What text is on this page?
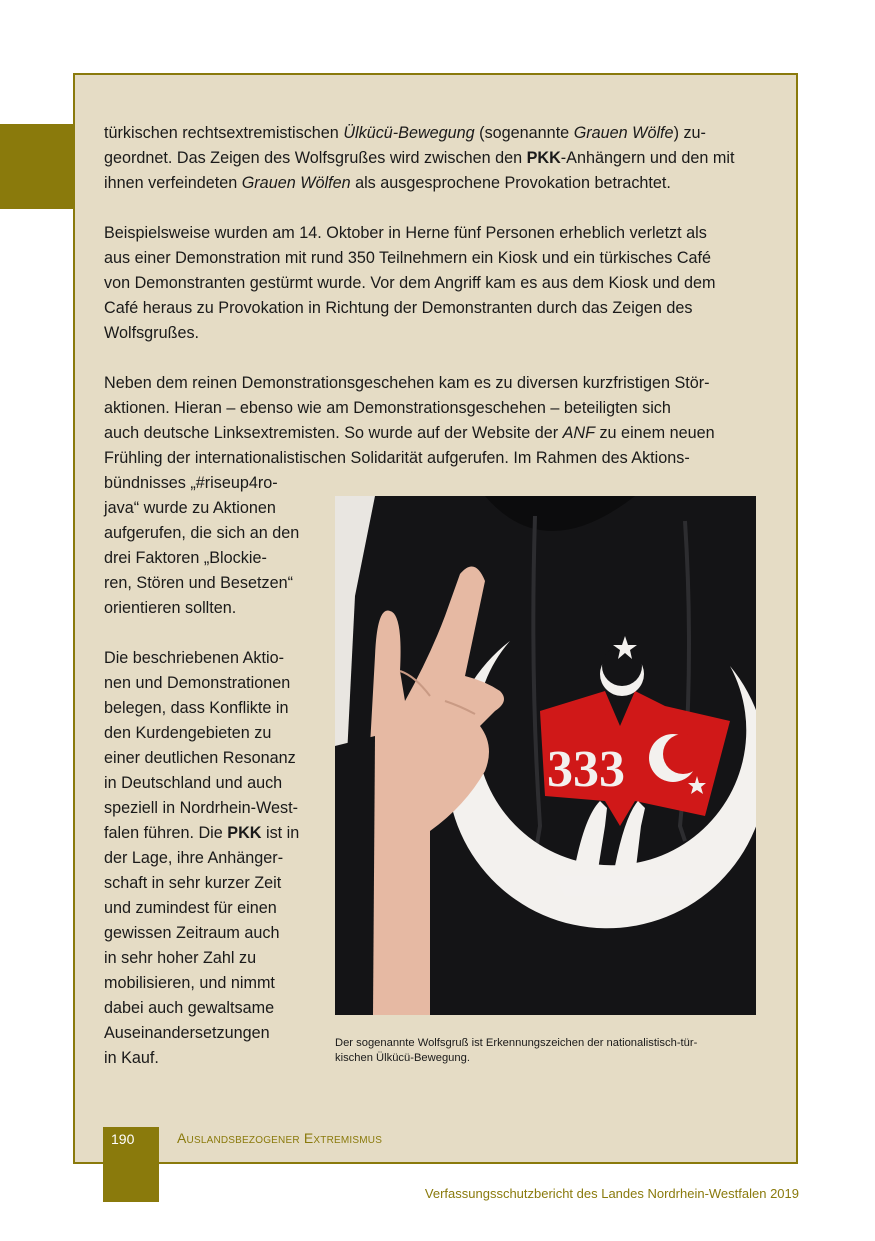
türkischen rechtsextremistischen Ülkücü-Bewegung (sogenannte Grauen Wölfe) zu-
geordnet. Das Zeigen des Wolfsgrußes wird zwischen den PKK-Anhängern und den mit
ihnen verfeindeten Grauen Wölfen als ausgesprochene Provokation betrachtet.
Beispielsweise wurden am 14. Oktober in Herne fünf Personen erheblich verletzt als
aus einer Demonstration mit rund 350 Teilnehmern ein Kiosk und ein türkisches Café
von Demonstranten gestürmt wurde. Vor dem Angriff kam es aus dem Kiosk und dem
Café heraus zu Provokation in Richtung der Demonstranten durch das Zeigen des
Wolfsgrußes.
Neben dem reinen Demonstrationsgeschehen kam es zu diversen kurzfristigen Stör-
aktionen. Hieran – ebenso wie am Demonstrationsgeschehen – beteiligten sich
auch deutsche Linksextremisten. So wurde auf der Website der ANF zu einem neuen
Frühling der internationalistischen Solidarität aufgerufen. Im Rahmen des Aktions-
bündnisses „#riseup4ro-
java“ wurde zu Aktionen
aufgerufen, die sich an den
drei Faktoren „Blockie-
ren, Stören und Besetzen“
orientieren sollten.
Die beschriebenen Aktio-
nen und Demonstrationen
belegen, dass Konflikte in
den Kurdengebieten zu
einer deutlichen Resonanz
in Deutschland und auch
speziell in Nordrhein-West-
falen führen. Die PKK ist in
der Lage, ihre Anhänger-
schaft in sehr kurzer Zeit
und zumindest für einen
gewissen Zeitraum auch
in sehr hoher Zahl zu
mobilisieren, und nimmt
dabei auch gewaltsame
Auseinandersetzungen
in Kauf.
333
Der sogenannte Wolfsgruß ist Erkennungszeichen der nationalistisch-tür-
kischen Ülkücü-Bewegung.
190	Auslandsbezogener Extremismus
Verfassungsschutzbericht des Landes Nordrhein-Westfalen 2019
